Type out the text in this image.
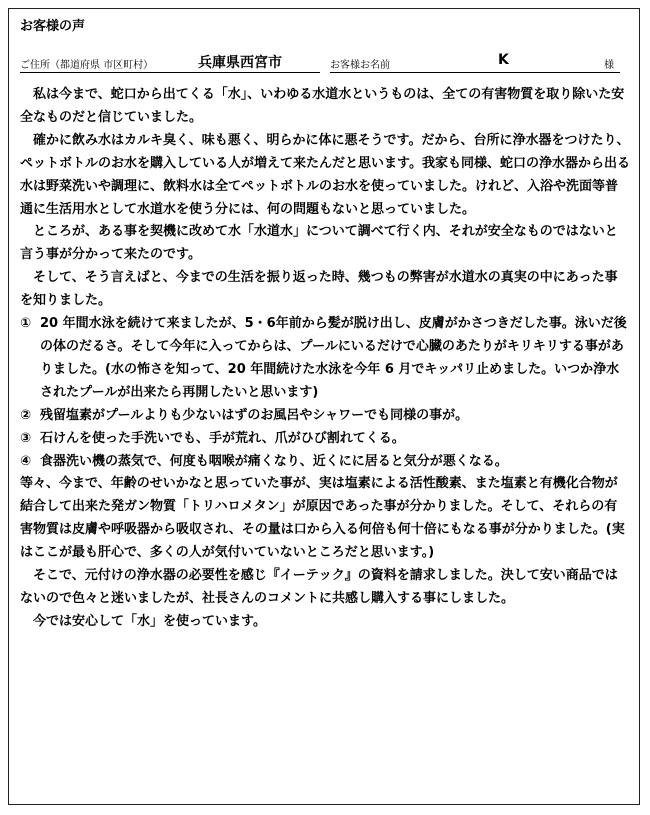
お客様の声
ご住所（都道府県 市区町村）	兵庫県西宮市	お客様お名前	K	様

私は今まで、蛇口から出てくる「水」、いわゆる水道水というものは、全ての有害物質を取り除いた安全なものだと信じていました。

確かに飲み水はカルキ臭く、味も悪く、明らかに体に悪そうです。だから、台所に浄水器をつけたり、ペットボトルのお水を購入している人が増えて来たんだと思います。我家も同様、蛇口の浄水器から出る水は野菜洗いや調理に、飲料水は全てペットボトルのお水を使っていました。けれど、入浴や洗面等普通に生活用水として水道水を使う分には、何の問題もないと思っていました。

ところが、ある事を契機に改めて水「水道水」について調べて行く内、それが安全なものではないと言う事が分かって来たのです。

そして、そう言えばと、今までの生活を振り返った時、幾つもの弊害が水道水の真実の中にあった事を知りました。

① 20 年間水泳を続けて来ましたが、5・6年前から髪が脱け出し、皮膚がかさつきだした事。泳いだ後の体のだるさ。そして今年に入ってからは、プールにいるだけで心臓のあたりがキリキリする事がありました。(水の怖さを知って、20 年間続けた水泳を今年 6 月でキッパリ止めました。いつか浄水されたプールが出来たら再開したいと思います)
② 残留塩素がプールよりも少ないはずのお風呂やシャワーでも同様の事が。
③ 石けんを使った手洗いでも、手が荒れ、爪がひび割れてくる。
④ 食器洗い機の蒸気で、何度も咽喉が痛くなり、近くにに居ると気分が悪くなる。

等々、今まで、年齢のせいかなと思っていた事が、実は塩素による活性酸素、また塩素と有機化合物が結合して出来た発ガン物質「トリハロメタン」が原因であった事が分かりました。そして、それらの有害物質は皮膚や呼吸器から吸収され、その量は口から入る何倍も何十倍にもなる事が分かりました。(実はここが最も肝心で、多くの人が気付いていないところだと思います。)

そこで、元付けの浄水器の必要性を感じ『イーテック』の資料を請求しました。決して安い商品ではないので色々と迷いましたが、社長さんのコメントに共感し購入する事にしました。

今では安心して「水」を使っています。
